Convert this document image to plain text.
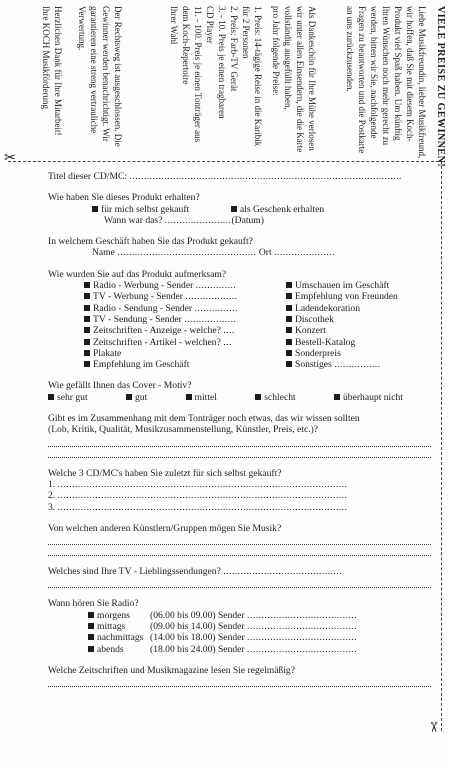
VIELE PREISE ZU GEWINNEN!
Liebe Musikfreundin, lieber Musikfreund,
wir hoffen, daß Sie mit diesem Koch-
Produkt viel Spaß haben. Um künftig
Ihren Wünschen noch mehr gerecht zu
werden, bitten wir Sie, nachfolgende
Fragen zu beantworten und die Postkarte
an uns zurückzusenden.
Als Dankeschön für Ihre Mühe verlosen
wir unter allen Einsendern, die die Karte
vollständig ausgefüllt haben,
pro Jahr folgende Preise:
1. Preis: 14-tägige Reise in die Karibik
für 2 Personen
2. Preis: Farb-TV Gerät
3. - 10. Preis je einen tragbaren
CD Player
11. - 100. Preis je einen Tonträger aus
dem Koch-Repertoire
Ihrer Wahl
Der Rechtsweg ist ausgeschlossen. Die
Gewinner werden benachrichtigt. Wir
garantieren eine streng vertrauliche
Verwertung.
Herzlichen Dank für Ihre Mitarbeit!
Ihre KOCH Musikförderung
✂
✂
Titel dieser CD/MC: ..............................................................................................
Wie haben Sie dieses Produkt erhalten?
für mich selbst gekauft	als Geschenk erhalten
Wann war das? .......................(Datum)
In welchem Geschäft haben Sie das Produkt gekauft?
Name ................................................ Ort .....................
Wie wurden Sie auf das Produkt aufmerksam?
Radio - Werbung - Sender ..............
TV - Werbung - Sender ..................
Radio - Sendung - Sender ...............
TV - Sendung - Sender ..................
Zeitschriften - Anzeige - welche? ....
Zeitschriften - Artikel - welchen? ...
Plakate
Empfehlung im Geschäft
Umschauen im Geschäft
Empfehlung von Freunden
Ladendekoration
Discothek
Konzert
Bestell-Katalog
Sonderpreis
Sonstiges ................
Wie gefällt Ihnen das Cover - Motiv?
sehr gut	gut	mittel	schlecht	überhaupt nicht
Gibt es im Zusammenhang mit dem Tonträger noch etwas, das wir wissen sollten
(Lob, Kritik, Qualität, Musikzusammenstellung, Künstler, Preis, etc.)?
Welche 3 CD/MC's haben Sie zuletzt für sich selbst gekauft?
1. ....................................................................................................
2. ....................................................................................................
3. ....................................................................................................
Von welchen anderen Künstlern/Gruppen mögen Sie Musik?
Welches sind Ihre TV - Lieblingssendungen? .........................................
Wann hören Sie Radio?
morgens (06.00 bis 09.00) Sender ......................................
mittags	(09.00 bis 14.00) Sender ......................................
nachmittags (14.00 bis 18.00) Sender ......................................
abends	(18.00 bis 24.00) Sender ......................................
Welche Zeitschriften und Musikmagazine lesen Sie regelmäßig?
